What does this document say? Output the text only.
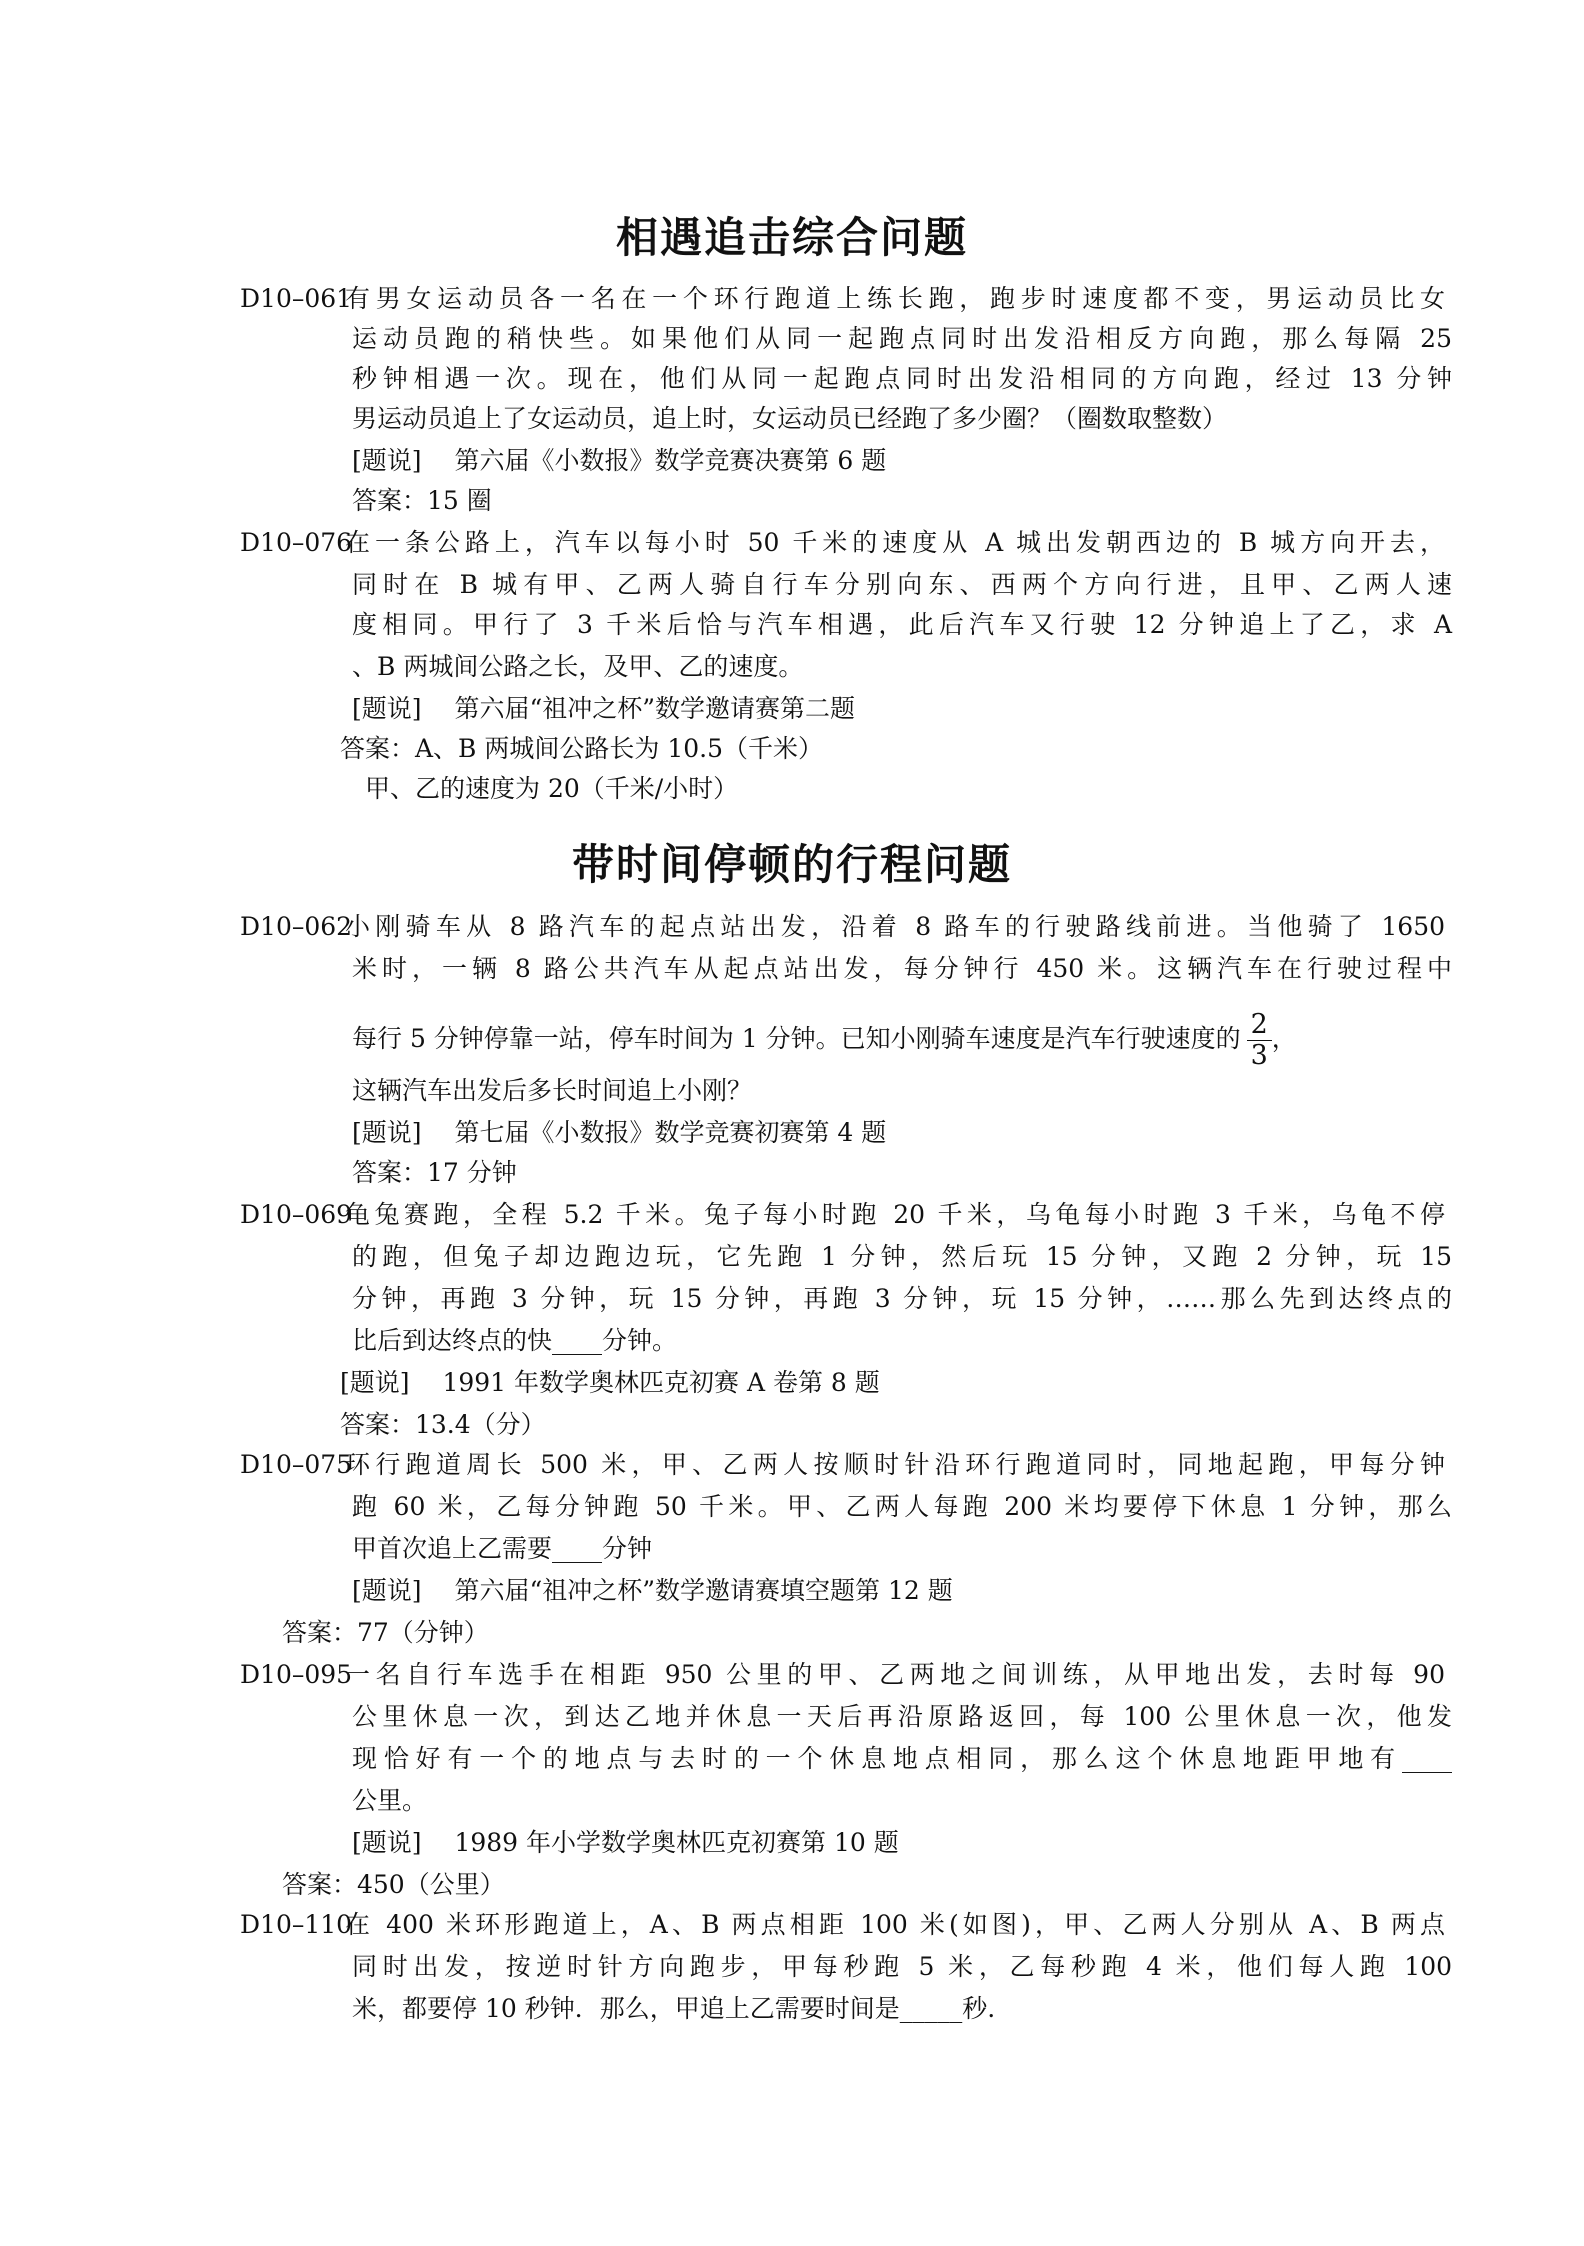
相遇追击综合问题
D10–061
有男女运动员各一名在一个环行跑道上练长跑，跑步时速度都不变，男运动员比女
运动员跑的稍快些。如果他们从同一起跑点同时出发沿相反方向跑，那么每隔 25
秒钟相遇一次。现在，他们从同一起跑点同时出发沿相同的方向跑，经过 13 分钟
男运动员追上了女运动员，追上时，女运动员已经跑了多少圈？（圈数取整数）
[题说]　 第六届《小数报》数学竞赛决赛第 6 题
答案：15 圈
D10–076
在一条公路上，汽车以每小时 50 千米的速度从 A 城出发朝西边的 B 城方向开去，
同时在 B 城有甲、乙两人骑自行车分别向东、西两个方向行进，且甲、乙两人速
度相同。甲行了 3 千米后恰与汽车相遇，此后汽车又行驶 12 分钟追上了乙，求 A
、B 两城间公路之长，及甲、乙的速度。
[题说]　 第六届“祖冲之杯”数学邀请赛第二题
答案：A、B 两城间公路长为 10.5（千米）
甲、乙的速度为 20（千米/小时）
带时间停顿的行程问题
D10–062
小刚骑车从 8 路汽车的起点站出发，沿着 8 路车的行驶路线前进。当他骑了 1650
米时，一辆 8 路公共汽车从起点站出发，每分钟行 450 米。这辆汽车在行驶过程中
每行 5 分钟停靠一站，停车时间为 1 分钟。已知小刚骑车速度是汽车行驶速度的 $\frac{2}{3}$ ，
这辆汽车出发后多长时间追上小刚？
[题说]　 第七届《小数报》数学竞赛初赛第 4 题
答案：17 分钟
D10–069
龟兔赛跑，全程 5.2 千米。兔子每小时跑 20 千米，乌龟每小时跑 3 千米，乌龟不停
的跑，但兔子却边跑边玩，它先跑 1 分钟，然后玩 15 分钟，又跑 2 分钟，玩 15
分钟，再跑 3 分钟，玩 15 分钟，再跑 3 分钟，玩 15 分钟，……那么先到达终点的
比后到达终点的快____分钟。
[题说]　 1991 年数学奥林匹克初赛 A 卷第 8 题
答案：13.4（分）
D10–075
环行跑道周长 500 米，甲、乙两人按顺时针沿环行跑道同时，同地起跑，甲每分钟
跑 60 米，乙每分钟跑 50 千米。甲、乙两人每跑 200 米均要停下休息 1 分钟，那么
甲首次追上乙需要____分钟
[题说]　 第六届“祖冲之杯”数学邀请赛填空题第 12 题
答案：77（分钟）
D10–095
一名自行车选手在相距 950 公里的甲、乙两地之间训练，从甲地出发，去时每 90
公里休息一次，到达乙地并休息一天后再沿原路返回，每 100 公里休息一次，他发
现恰好有一个的地点与去时的一个休息地点相同，那么这个休息地距甲地有____
公里。
[题说]　 1989 年小学数学奥林匹克初赛第 10 题
答案：450（公里）
D10–110
在 400 米环形跑道上，A、B 两点相距 100 米(如图)，甲、乙两人分别从 A、B 两点
同时出发，按逆时针方向跑步，甲每秒跑 5 米，乙每秒跑 4 米，他们每人跑 100
米，都要停 10 秒钟．那么，甲追上乙需要时间是_____秒.
